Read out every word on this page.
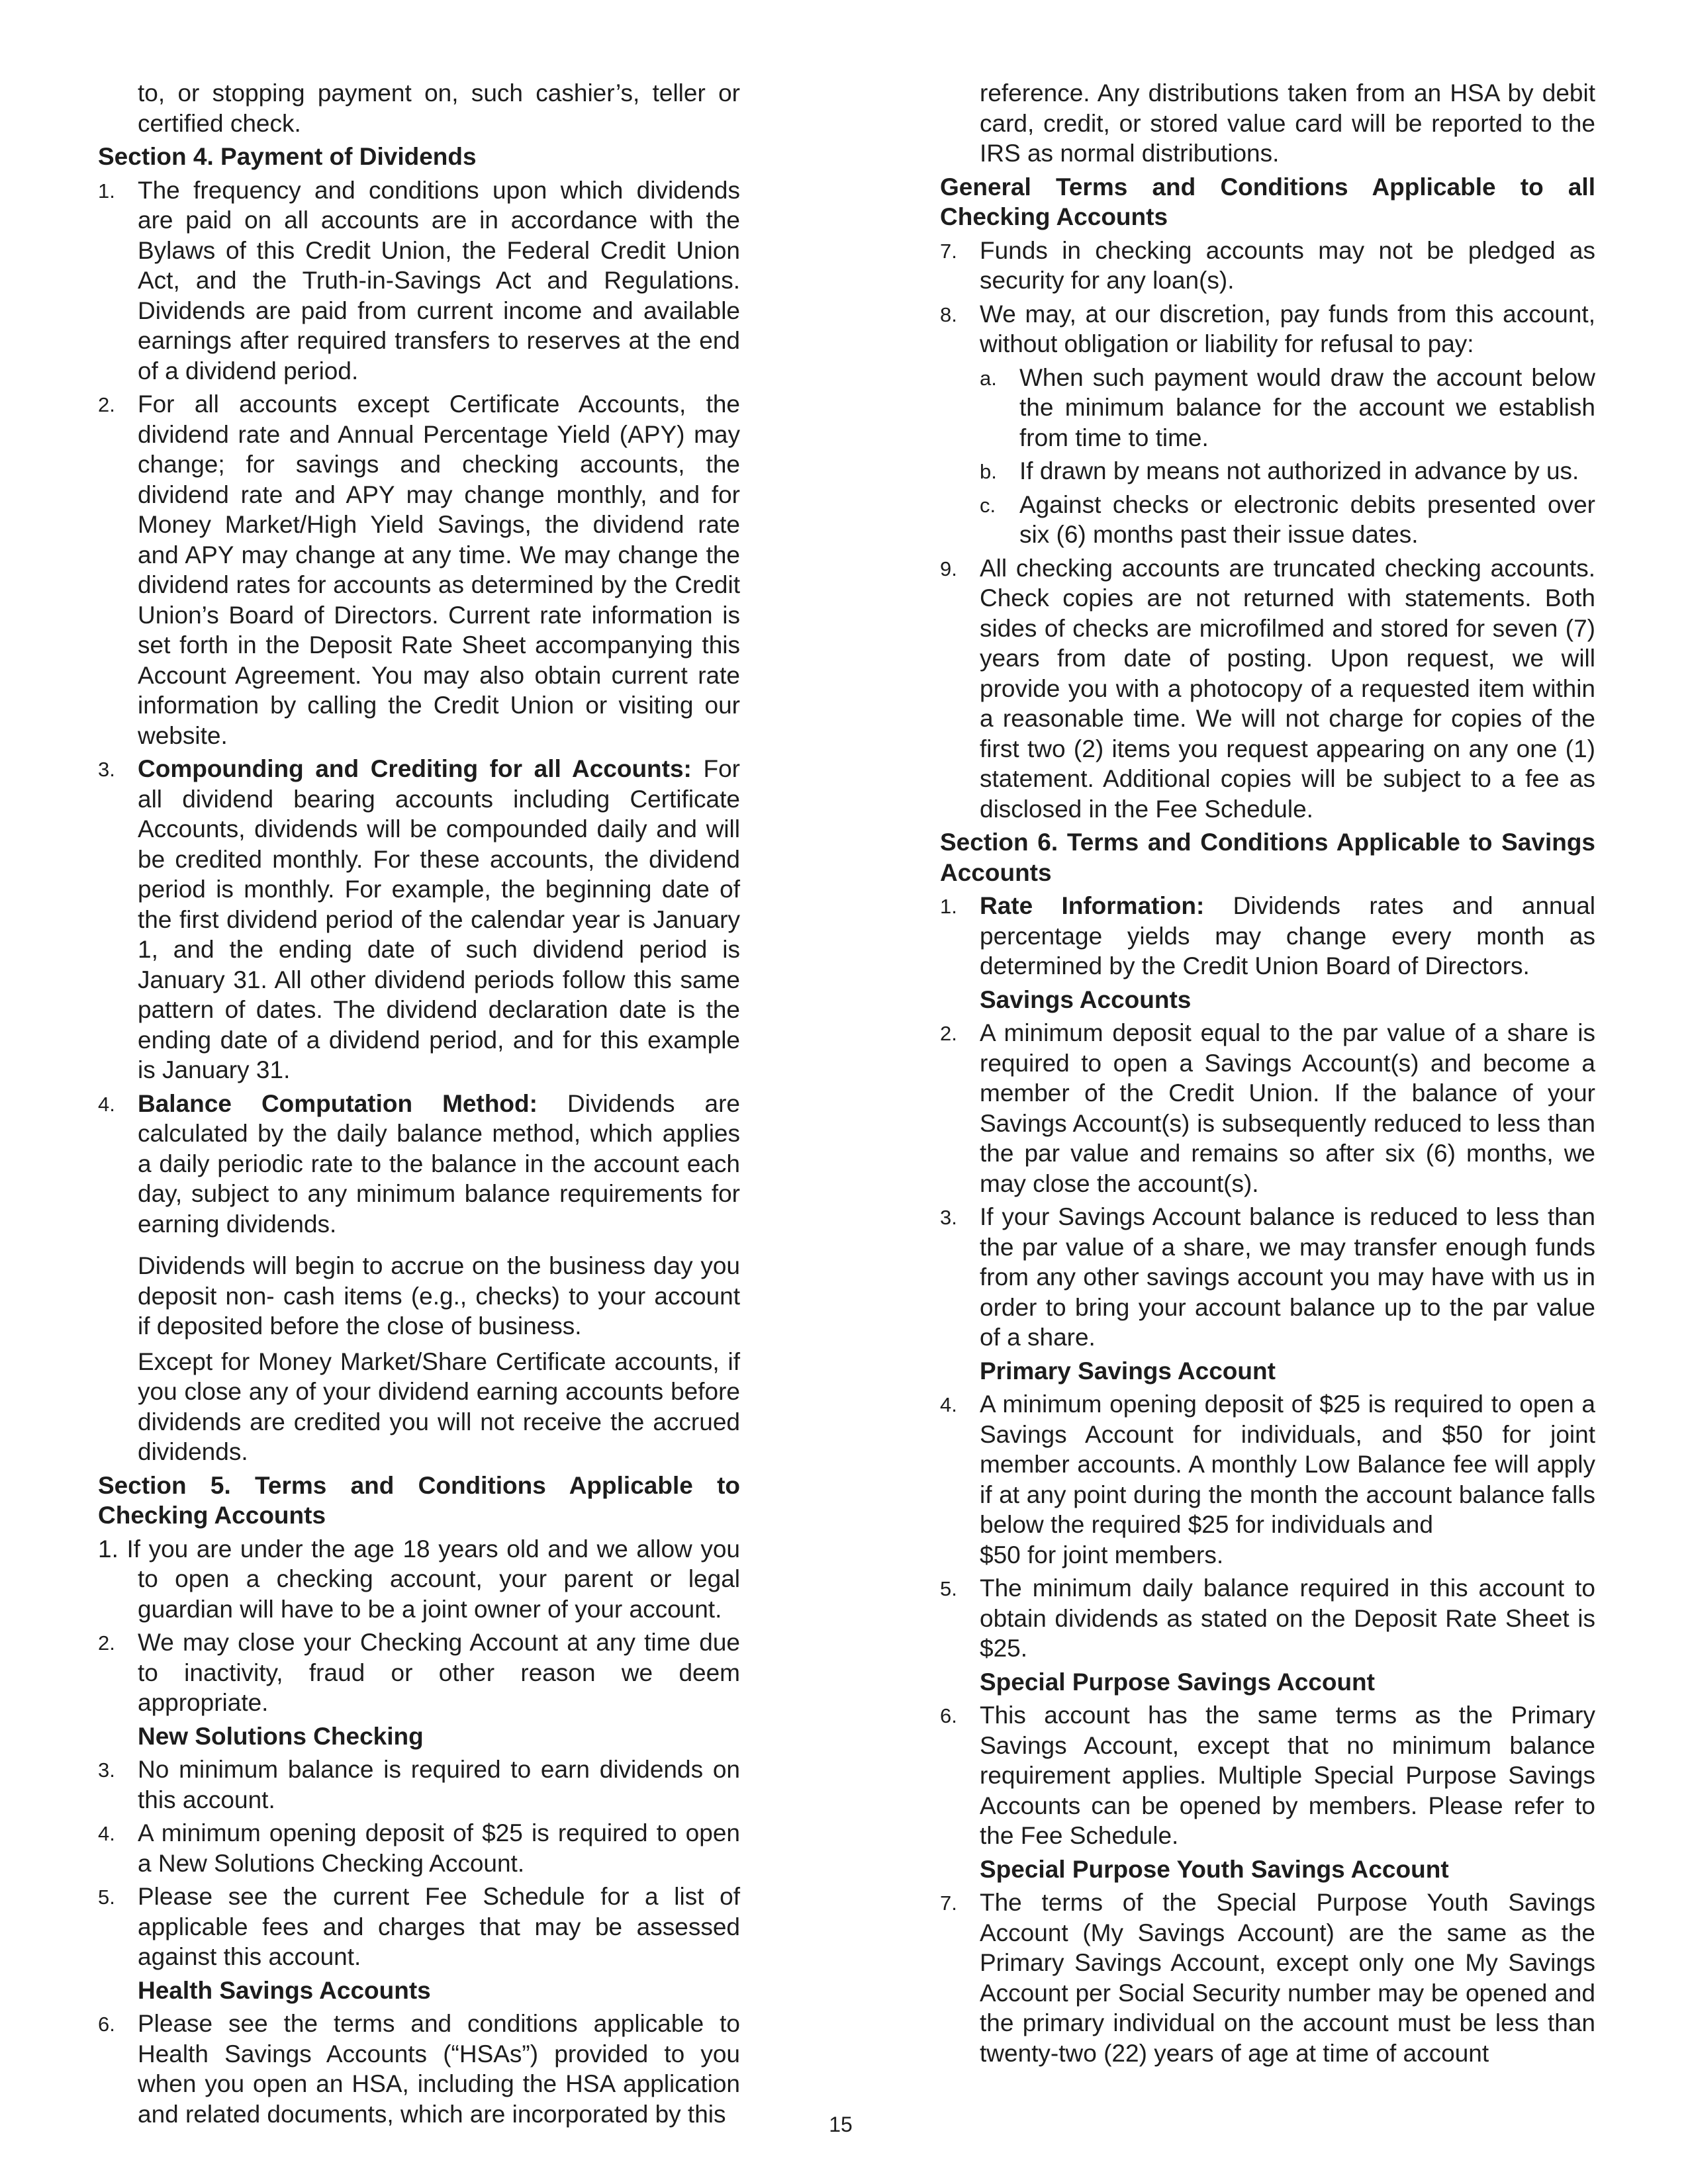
to, or stopping payment on, such cashier’s, teller or certified check.
Section 4. Payment of Dividends
1. The frequency and conditions upon which dividends are paid on all accounts are in accordance with the Bylaws of this Credit Union, the Federal Credit Union Act, and the Truth-in-Savings Act and Regulations. Dividends are paid from current income and available earnings after required transfers to reserves at the end of a dividend period.
2. For all accounts except Certificate Accounts, the dividend rate and Annual Percentage Yield (APY) may change; for savings and checking accounts, the dividend rate and APY may change monthly, and for Money Market/High Yield Savings, the dividend rate and APY may change at any time. We may change the dividend rates for accounts as determined by the Credit Union’s Board of Directors. Current rate information is set forth in the Deposit Rate Sheet accompanying this Account Agreement. You may also obtain current rate information by calling the Credit Union or visiting our website.
3. Compounding and Crediting for all Accounts: For all dividend bearing accounts including Certificate Accounts, dividends will be compounded daily and will be credited monthly. For these accounts, the dividend period is monthly. For example, the beginning date of the first dividend period of the calendar year is January 1, and the ending date of such dividend period is January 31. All other dividend periods follow this same pattern of dates. The dividend declaration date is the ending date of a dividend period, and for this example is January 31.
4. Balance Computation Method: Dividends are calculated by the daily balance method, which applies a daily periodic rate to the balance in the account each day, subject to any minimum balance requirements for earning dividends.
Dividends will begin to accrue on the business day you deposit non- cash items (e.g., checks) to your account if deposited before the close of business.
Except for Money Market/Share Certificate accounts, if you close any of your dividend earning accounts before dividends are credited you will not receive the accrued dividends.
Section 5. Terms and Conditions Applicable to Checking Accounts
1. If you are under the age 18 years old and we allow you to open a checking account, your parent or legal guardian will have to be a joint owner of your account.
2. We may close your Checking Account at any time due to inactivity, fraud or other reason we deem appropriate.
New Solutions Checking
3. No minimum balance is required to earn dividends on this account.
4. A minimum opening deposit of $25 is required to open a New Solutions Checking Account.
5. Please see the current Fee Schedule for a list of applicable fees and charges that may be assessed against this account.
Health Savings Accounts
6. Please see the terms and conditions applicable to Health Savings Accounts (“HSAs”) provided to you when you open an HSA, including the HSA application and related documents, which are incorporated by this
reference. Any distributions taken from an HSA by debit card, credit, or stored value card will be reported to the IRS as normal distributions.
General Terms and Conditions Applicable to all Checking Accounts
7. Funds in checking accounts may not be pledged as security for any loan(s).
8. We may, at our discretion, pay funds from this account, without obligation or liability for refusal to pay:
a. When such payment would draw the account below the minimum balance for the account we establish from time to time.
b. If drawn by means not authorized in advance by us.
c. Against checks or electronic debits presented over six (6) months past their issue dates.
9. All checking accounts are truncated checking accounts. Check copies are not returned with statements. Both sides of checks are microfilmed and stored for seven (7) years from date of posting. Upon request, we will provide you with a photocopy of a requested item within a reasonable time. We will not charge for copies of the first two (2) items you request appearing on any one (1) statement. Additional copies will be subject to a fee as disclosed in the Fee Schedule.
Section 6. Terms and Conditions Applicable to Savings Accounts
1. Rate Information: Dividends rates and annual percentage yields may change every month as determined by the Credit Union Board of Directors.
Savings Accounts
2. A minimum deposit equal to the par value of a share is required to open a Savings Account(s) and become a member of the Credit Union. If the balance of your Savings Account(s) is subsequently reduced to less than the par value and remains so after six (6) months, we may close the account(s).
3. If your Savings Account balance is reduced to less than the par value of a share, we may transfer enough funds from any other savings account you may have with us in order to bring your account balance up to the par value of a share.
Primary Savings Account
4. A minimum opening deposit of $25 is required to open a Savings Account for individuals, and $50 for joint member accounts. A monthly Low Balance fee will apply if at any point during the month the account balance falls below the required $25 for individuals and
$50 for joint members.
5. The minimum daily balance required in this account to obtain dividends as stated on the Deposit Rate Sheet is $25.
Special Purpose Savings Account
6. This account has the same terms as the Primary Savings Account, except that no minimum balance requirement applies. Multiple Special Purpose Savings Accounts can be opened by members. Please refer to the Fee Schedule.
Special Purpose Youth Savings Account
7. The terms of the Special Purpose Youth Savings Account (My Savings Account) are the same as the Primary Savings Account, except only one My Savings Account per Social Security number may be opened and the primary individual on the account must be less than twenty-two (22) years of age at time of account
15
